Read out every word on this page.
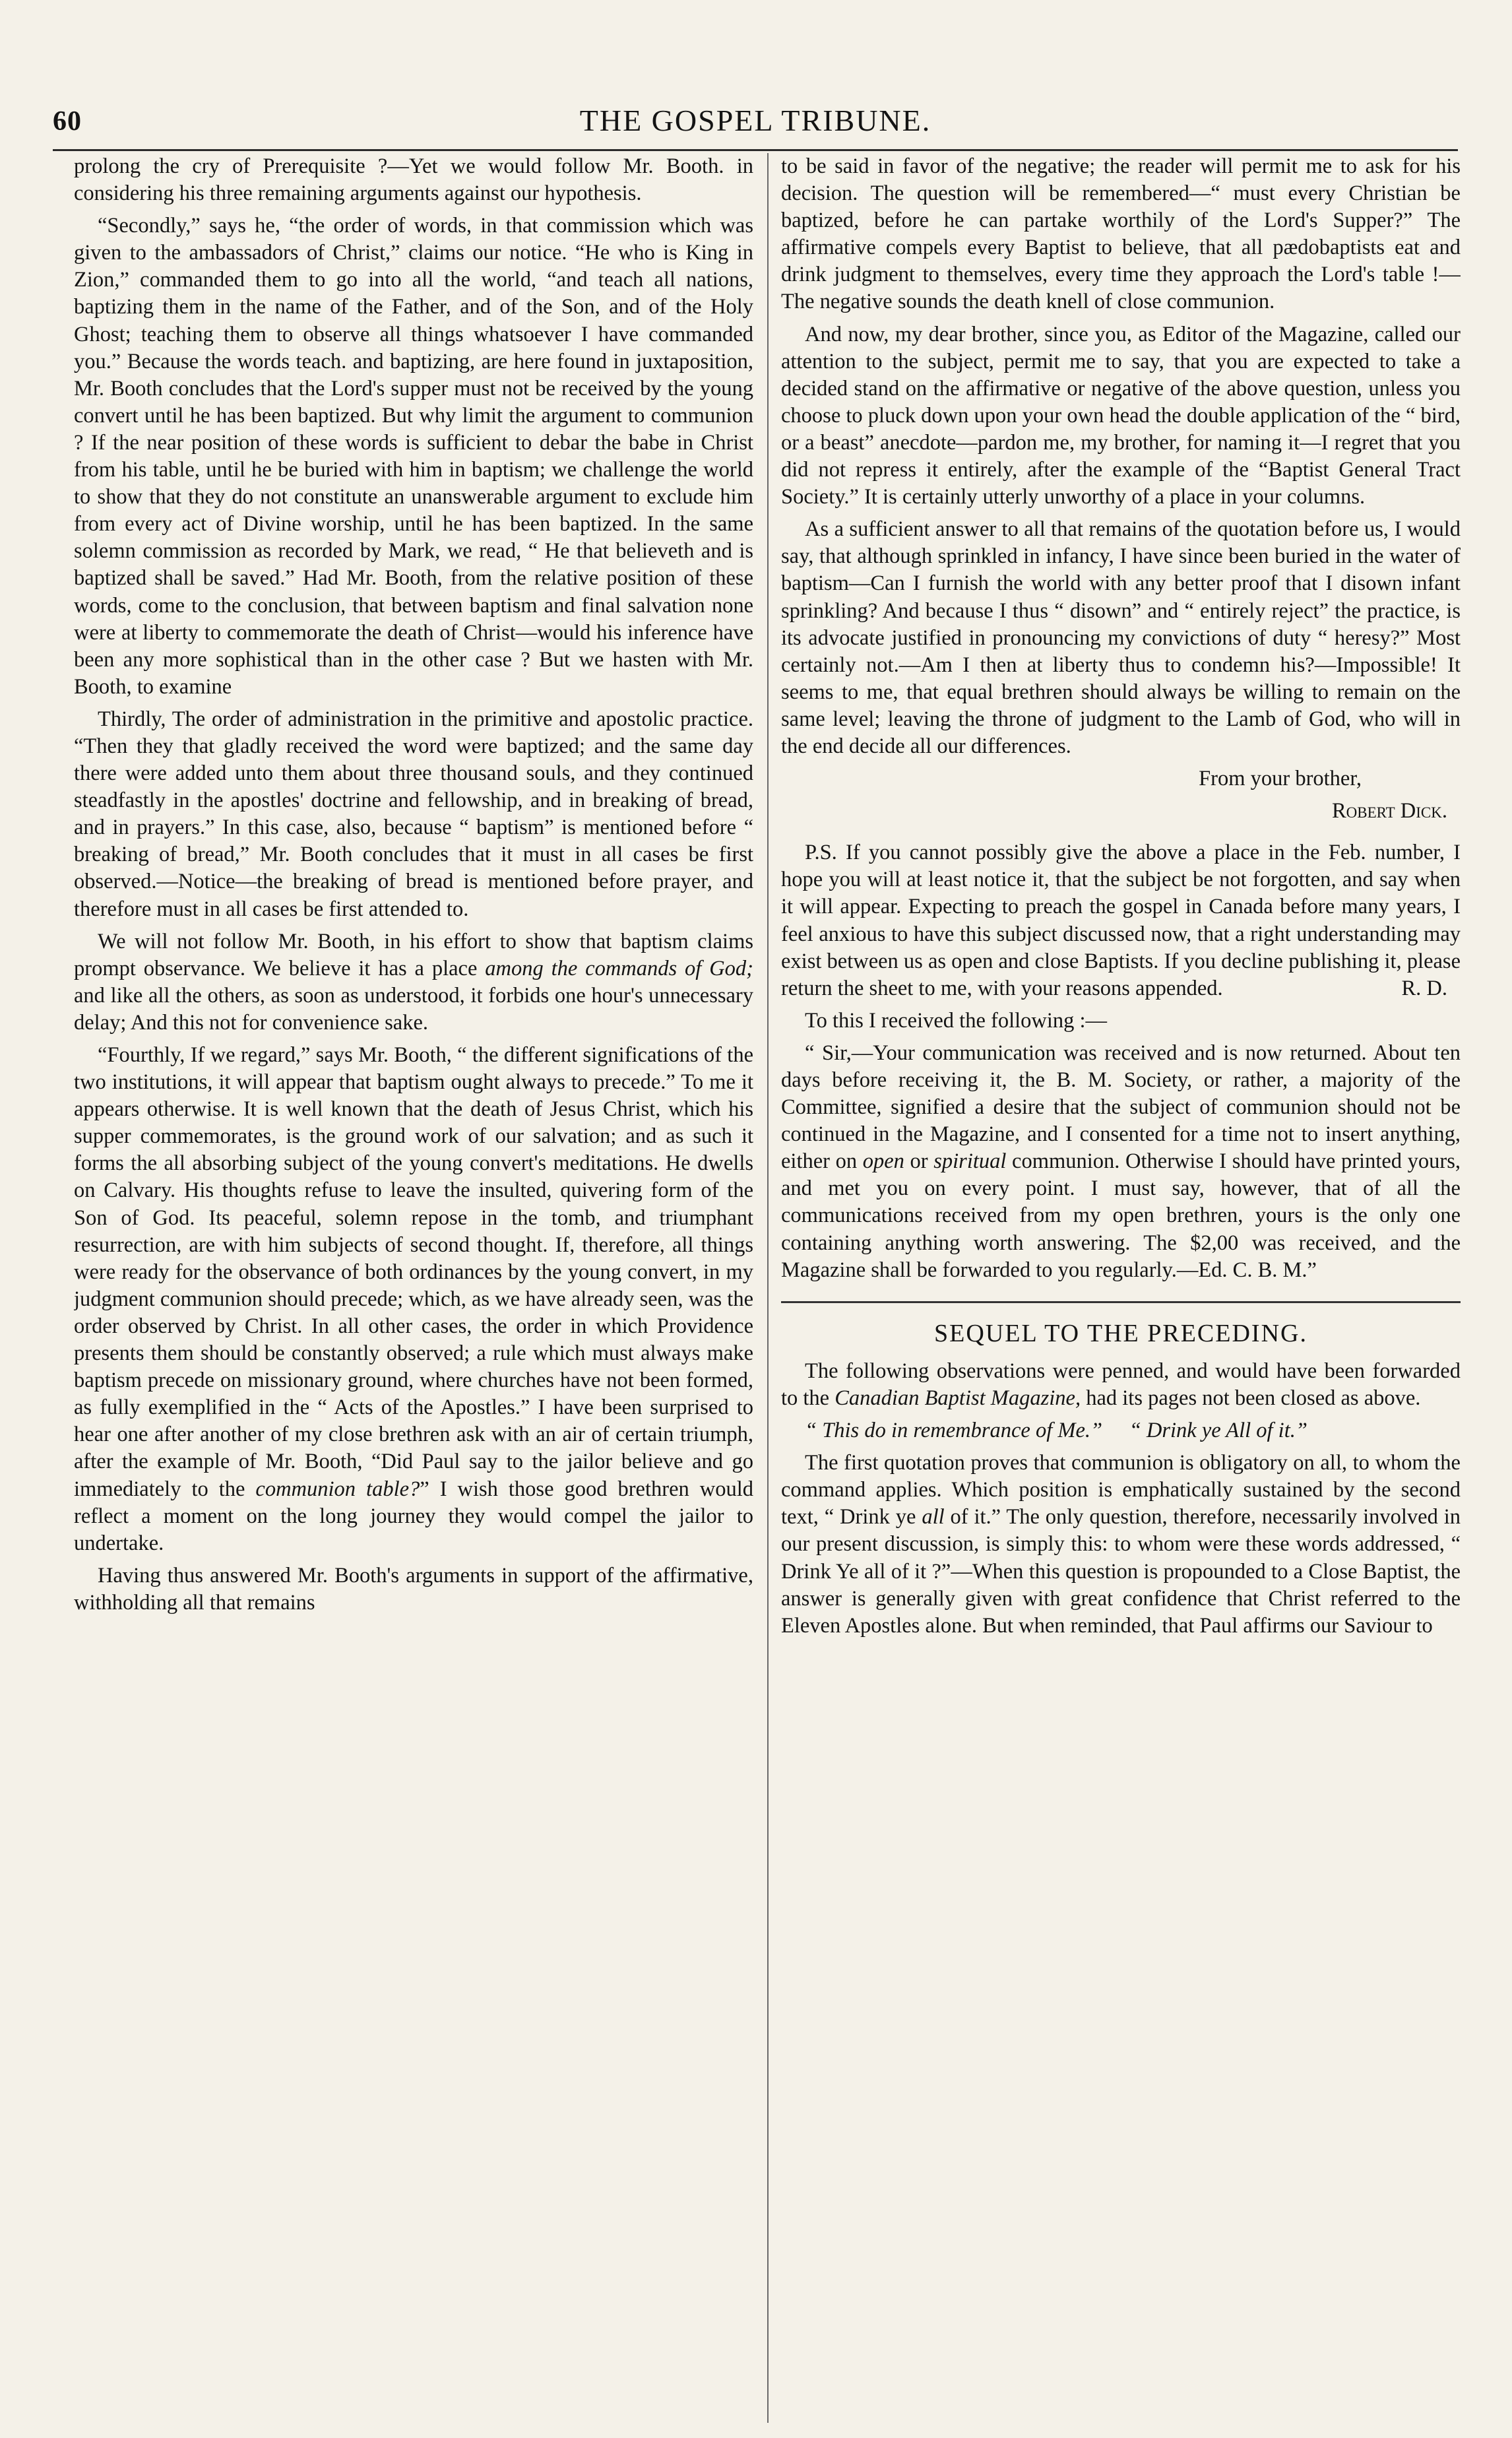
60	THE GOSPEL TRIBUNE.

prolong the cry of Prerequisite ?—Yet we would follow Mr. Booth. in considering his three remaining arguments against our hypothesis.

“Secondly,” says he, “the order of words, in that commission which was given to the ambassadors of Christ,” claims our notice. “He who is King in Zion,” commanded them to go into all the world, “and teach all nations, baptizing them in the name of the Father, and of the Son, and of the Holy Ghost; teaching them to observe all things whatsoever I have commanded you.” Because the words teach. and baptizing, are here found in juxtaposition, Mr. Booth concludes that the Lord's supper must not be received by the young convert until he has been baptized. But why limit the argument to communion ? If the near position of these words is sufficient to debar the babe in Christ from his table, until he be buried with him in baptism; we challenge the world to show that they do not constitute an unanswerable argument to exclude him from every act of Divine worship, until he has been baptized. In the same solemn commission as recorded by Mark, we read, “ He that believeth and is baptized shall be saved.” Had Mr. Booth, from the relative position of these words, come to the conclusion, that between baptism and final salvation none were at liberty to commemorate the death of Christ—would his inference have been any more sophistical than in the other case ? But we hasten with Mr. Booth, to examine

Thirdly, The order of administration in the primitive and apostolic practice. “Then they that gladly received the word were baptized; and the same day there were added unto them about three thousand souls, and they continued steadfastly in the apostles' doctrine and fellowship, and in breaking of bread, and in prayers.” In this case, also, because “ baptism” is mentioned before “ breaking of bread,” Mr. Booth concludes that it must in all cases be first observed.—Notice—the breaking of bread is mentioned before prayer, and therefore must in all cases be first attended to.

We will not follow Mr. Booth, in his effort to show that baptism claims prompt observance. We believe it has a place among the commands of God; and like all the others, as soon as understood, it forbids one hour's unnecessary delay; And this not for convenience sake.

“Fourthly, If we regard,” says Mr. Booth, “ the different significations of the two institutions, it will appear that baptism ought always to precede.” To me it appears otherwise. It is well known that the death of Jesus Christ, which his supper commemorates, is the ground work of our salvation; and as such it forms the all absorbing subject of the young convert's meditations. He dwells on Calvary. His thoughts refuse to leave the insulted, quivering form of the Son of God. Its peaceful, solemn repose in the tomb, and triumphant resurrection, are with him subjects of second thought. If, therefore, all things were ready for the observance of both ordinances by the young convert, in my judgment communion should precede; which, as we have already seen, was the order observed by Christ. In all other cases, the order in which Providence presents them should be constantly observed; a rule which must always make baptism precede on missionary ground, where churches have not been formed, as fully exemplified in the “ Acts of the Apostles.” I have been surprised to hear one after another of my close brethren ask with an air of certain triumph, after the example of Mr. Booth, “Did Paul say to the jailor believe and go immediately to the communion table?” I wish those good brethren would reflect a moment on the long journey they would compel the jailor to undertake.

Having thus answered Mr. Booth's arguments in support of the affirmative, withholding all that remains

to be said in favor of the negative; the reader will permit me to ask for his decision. The question will be remembered—“ must every Christian be baptized, before he can partake worthily of the Lord's Supper?” The affirmative compels every Baptist to believe, that all pædobaptists eat and drink judgment to themselves, every time they approach the Lord's table !—The negative sounds the death knell of close communion.

And now, my dear brother, since you, as Editor of the Magazine, called our attention to the subject, permit me to say, that you are expected to take a decided stand on the affirmative or negative of the above question, unless you choose to pluck down upon your own head the double application of the “ bird, or a beast” anecdote—pardon me, my brother, for naming it—I regret that you did not repress it entirely, after the example of the “Baptist General Tract Society.” It is certainly utterly unworthy of a place in your columns.

As a sufficient answer to all that remains of the quotation before us, I would say, that although sprinkled in infancy, I have since been buried in the water of baptism—Can I furnish the world with any better proof that I disown infant sprinkling? And because I thus “ disown” and “ entirely reject” the practice, is its advocate justified in pronouncing my convictions of duty “ heresy?” Most certainly not.—Am I then at liberty thus to condemn his?—Impossible! It seems to me, that equal brethren should always be willing to remain on the same level; leaving the throne of judgment to the Lamb of God, who will in the end decide all our differences.

From your brother,

Robert Dick.

P.S. If you cannot possibly give the above a place in the Feb. number, I hope you will at least notice it, that the subject be not forgotten, and say when it will appear. Expecting to preach the gospel in Canada before many years, I feel anxious to have this subject discussed now, that a right understanding may exist between us as open and close Baptists. If you decline publishing it, please return the sheet to me, with your reasons appended.	R. D.

To this I received the following :—

“ Sir,—Your communication was received and is now returned. About ten days before receiving it, the B. M. Society, or rather, a majority of the Committee, signified a desire that the subject of communion should not be continued in the Magazine, and I consented for a time not to insert anything, either on open or spiritual communion. Otherwise I should have printed yours, and met you on every point. I must say, however, that of all the communications received from my open brethren, yours is the only one containing anything worth answering. The $2,00 was received, and the Magazine shall be forwarded to you regularly.—Ed. C. B. M.”

SEQUEL TO THE PRECEDING.

The following observations were penned, and would have been forwarded to the Canadian Baptist Magazine, had its pages not been closed as above.

“ This do in remembrance of Me.” “ Drink ye All of it.”

The first quotation proves that communion is obligatory on all, to whom the command applies. Which position is emphatically sustained by the second text, “ Drink ye all of it.” The only question, therefore, necessarily involved in our present discussion, is simply this: to whom were these words addressed, “ Drink Ye all of it ?”—When this question is propounded to a Close Baptist, the answer is generally given with great confidence that Christ referred to the Eleven Apostles alone. But when reminded, that Paul affirms our Saviour to
